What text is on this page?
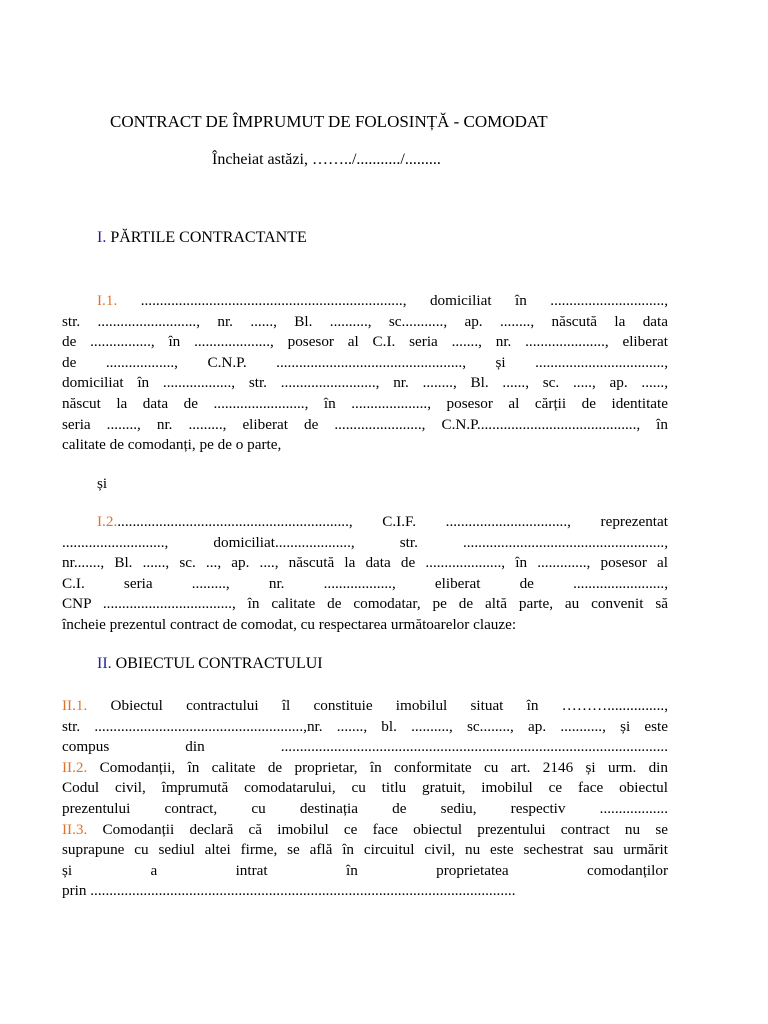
CONTRACT DE ÎMPRUMUT DE FOLOSINȚĂ - COMODAT
Încheiat astăzi, ……../.........../.........
I. PĂRTILE CONTRACTANTE
I.1. ....................................................................., domiciliat în ..............................,
str. .........................., nr. ......, Bl. .........., sc..........., ap. ........, născută la data
de ................, în ...................., posesor al C.I. seria ......., nr. ....................., eliberat
de .................., C.N.P. ................................................., și ..................................,
domiciliat în .................., str. ........................., nr. ........, Bl. ......, sc. ....., ap. ......,
născut la data de ........................, în ...................., posesor al cărții de identitate
seria ........, nr. ........., eliberat de ......................., C.N.P.........................................., în
calitate de comodanți, pe de o parte,
și
I.2.............................................................., C.I.F. ................................, reprezentat
..........................., domiciliat...................., str. .....................................................,
nr......., Bl. ......, sc. ..., ap. ...., născută la data de ...................., în ............., posesor al
C.I. seria ........., nr. .................., eliberat de ........................,
CNP .................................., în calitate de comodatar, pe de altă parte, au convenit să
încheie prezentul contract de comodat, cu respectarea următoarelor clauze:
II. OBIECTUL CONTRACTULUI
II.1. Obiectul contractului îl constituie imobilul situat în ………...............,
str. .......................................................,nr. ......., bl. .........., sc........, ap. ..........., și este
compus din ......................................................................................................
II.2. Comodanții, în calitate de proprietar, în conformitate cu art. 2146 și urm. din
Codul civil, împrumută comodatarului, cu titlu gratuit, imobilul ce face obiectul
prezentului contract, cu destinația de sediu, respectiv ..................
II.3. Comodanții declară că imobilul ce face obiectul prezentului contract nu se
suprapune cu sediul altei firme, se află în circuitul civil, nu este sechestrat sau urmărit
și a intrat în proprietatea comodanților
prin ................................................................................................................
